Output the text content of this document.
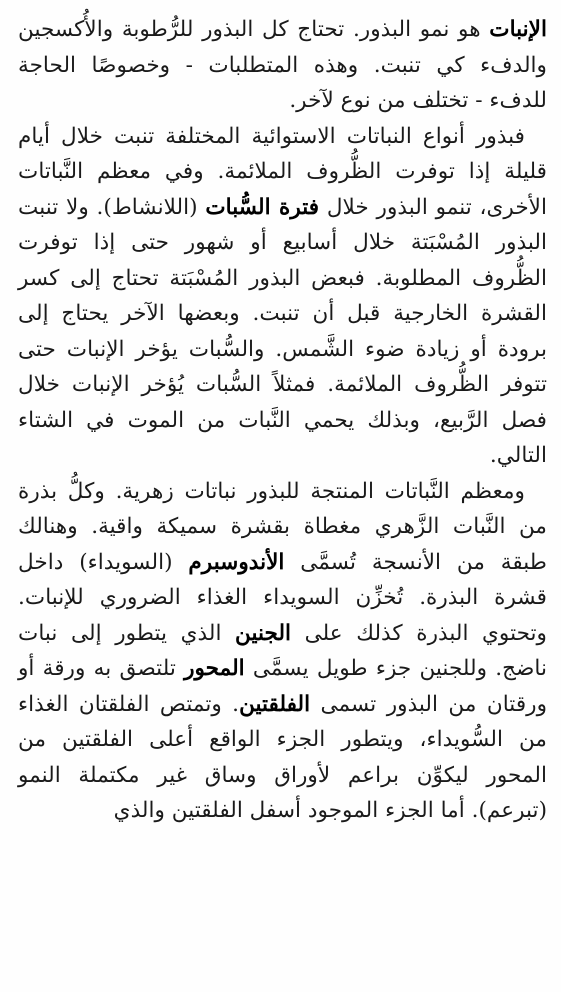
الإنبات هو نمو البذور. تحتاج كل البذور للرُّطوبة والأُكسجين والدفء كي تنبت. وهذه المتطلبات - وخصوصًا الحاجة للدفء - تختلف من نوع لآخر.

فبذور أنواع النباتات الاستوائية المختلفة تنبت خلال أيام قليلة إذا توفرت الظُّروف الملائمة. وفي معظم النَّباتات الأخرى، تنمو البذور خلال فترة السُّبات (اللانشاط). ولا تنبت البذور المُسْبَتة خلال أسابيع أو شهور حتى إذا توفرت الظُّروف المطلوبة. فبعض البذور المُسْبَتة تحتاج إلى كسر القشرة الخارجية قبل أن تنبت. وبعضها الآخر يحتاج إلى برودة أو زيادة ضوء الشَّمس. والسُّبات يؤخر الإنبات حتى تتوفر الظُّروف الملائمة. فمثلاً السُّبات يُؤخر الإنبات خلال فصل الرَّبيع، وبذلك يحمي النَّبات من الموت في الشتاء التالي.

ومعظم النَّباتات المنتجة للبذور نباتات زهرية. وكلُّ بذرة من النَّبات الزَّهري مغطاة بقشرة سميكة واقية. وهنالك طبقة من الأنسجة تُسمَّى الأندوسبرم (السويداء) داخل قشرة البذرة. تُخزِّن السويداء الغذاء الضروري للإنبات. وتحتوي البذرة كذلك على الجنين الذي يتطور إلى نبات ناضج. وللجنين جزء طويل يسمَّى المحور تلتصق به ورقة أو ورقتان من البذور تسمى الفلقتين. وتمتص الفلقتان الغذاء من السُّويداء، ويتطور الجزء الواقع أعلى الفلقتين من المحور ليكوِّن براعم لأوراق وساق غير مكتملة النمو (تبرعم). أما الجزء الموجود أسفل الفلقتين والذي
